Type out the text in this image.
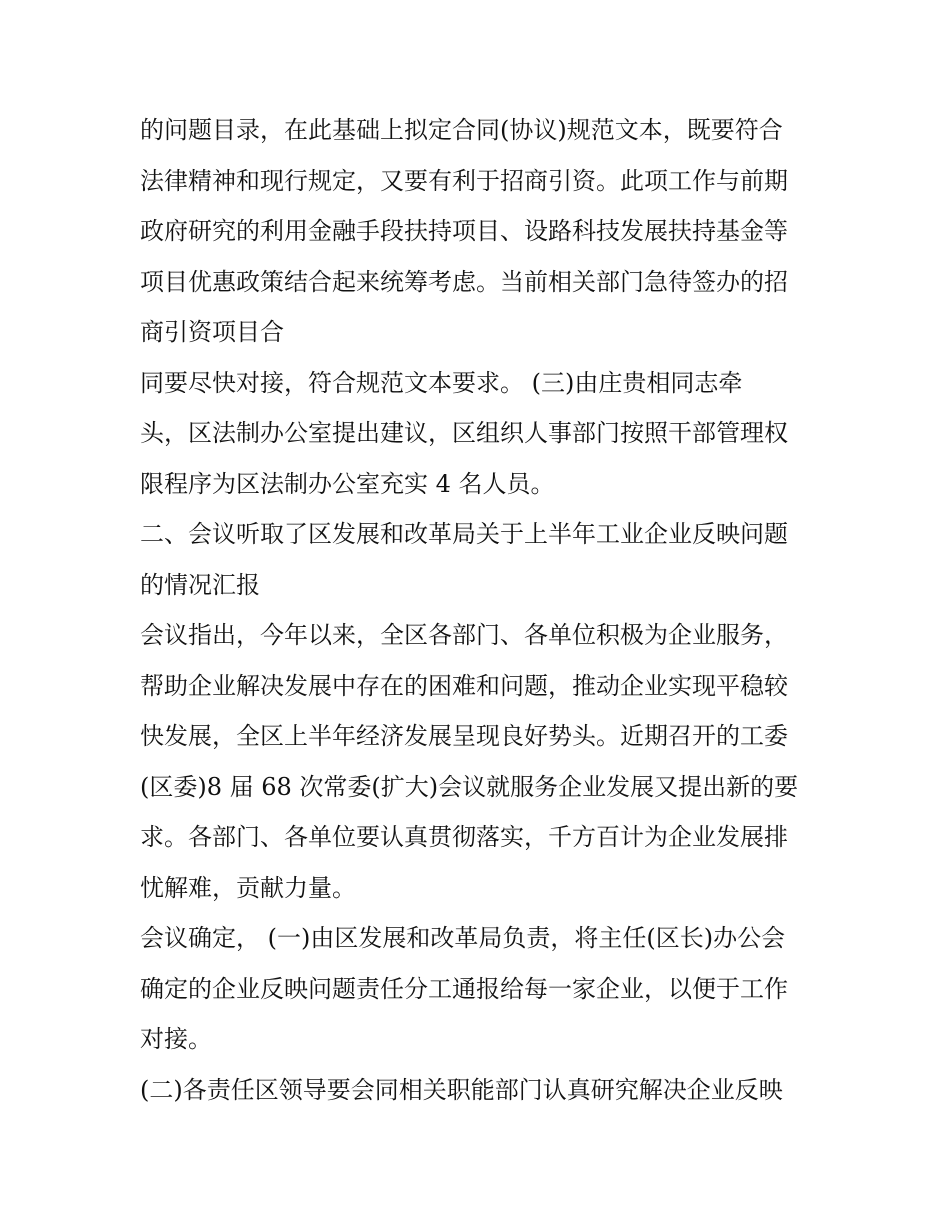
的问题目录，在此基础上拟定合同(协议)规范文本，既要符合
法律精神和现行规定，又要有利于招商引资。此项工作与前期
政府研究的利用金融手段扶持项目、设路科技发展扶持基金等
项目优惠政策结合起来统筹考虑。当前相关部门急待签办的招
商引资项目合
同要尽快对接，符合规范文本要求。 (三)由庄贵相同志牵
头，区法制办公室提出建议，区组织人事部门按照干部管理权
限程序为区法制办公室充实 4 名人员。
二、会议听取了区发展和改革局关于上半年工业企业反映问题
的情况汇报
会议指出，今年以来，全区各部门、各单位积极为企业服务，
帮助企业解决发展中存在的困难和问题，推动企业实现平稳较
快发展，全区上半年经济发展呈现良好势头。近期召开的工委
(区委)8 届 68 次常委(扩大)会议就服务企业发展又提出新的要
求。各部门、各单位要认真贯彻落实，千方百计为企业发展排
忧解难，贡献力量。
会议确定， (一)由区发展和改革局负责，将主任(区长)办公会
确定的企业反映问题责任分工通报给每一家企业，以便于工作
对接。
(二)各责任区领导要会同相关职能部门认真研究解决企业反映
